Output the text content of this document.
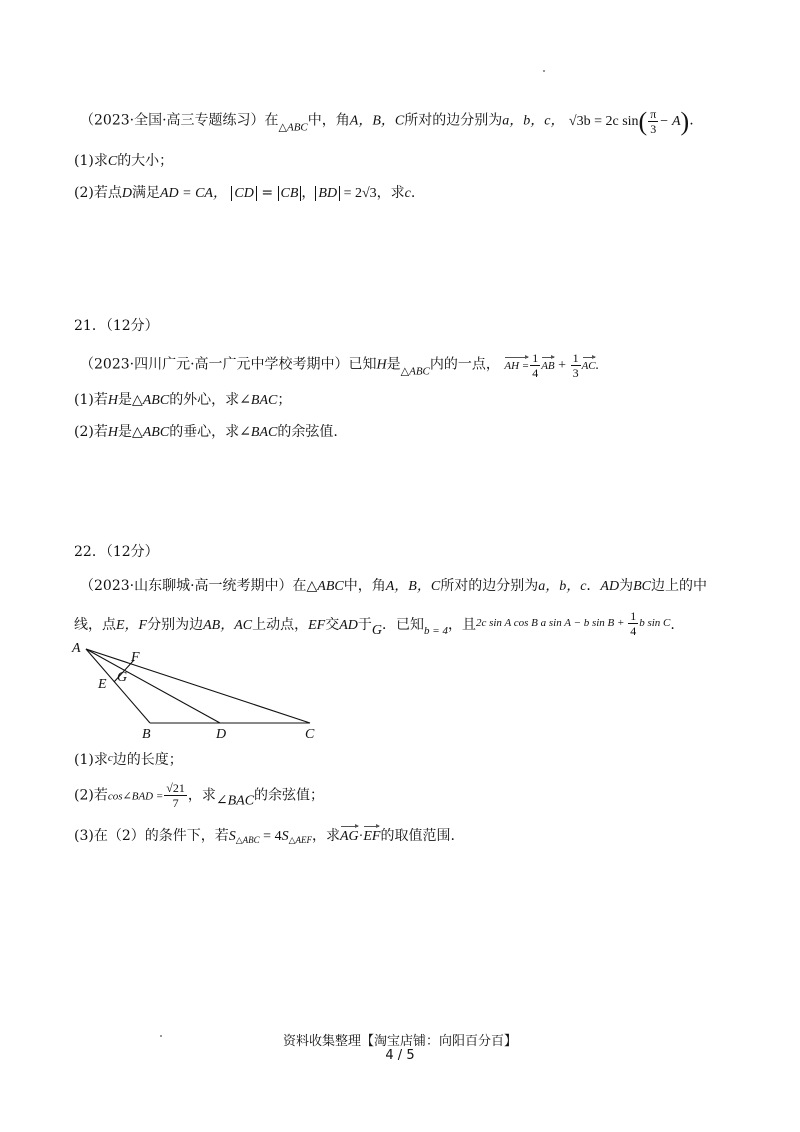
（2023·全国·高三专题练习）在$_{\triangle ABC}$中，角A，B，C所对的边分别为a，b，c， √3b = 2c $\sin( \frac{\pi}{3} - A)$.
(1)求C的大小；
(2)若点D满足AD = CA， CD = CB ， BD = 2√3，求c.
21．（12分）
（2023·四川广元·高一广元中学校考期中）已知H是$_{\triangle ABC}$内的一点， AH = $\frac{1}{4}$ AB + $\frac{1}{3}$ AC.
(1)若H是△ABC的外心，求∠BAC；
(2)若H是△ABC的垂心，求∠BAC的余弦值.
22．（12分）
（2023·山东聊城·高一统考期中）在△ABC中，角A，B，C所对的边分别为a，b，c．AD为BC边上的中
线，点E，F分别为边AB，AC上动点，EF交AD于G．已知$_{b = 4}$，且$^{2c sin A cos B a sin A - b sin B + \frac{1}{4} b sin C}$.
A
F
G
E
B	D	C
(1)求$^c$边的长度；
(2)若cos∠BAD = $\frac{√21}{7}$ ，求∠BAC的余弦值；
(3)在（2）的条件下，若$S_{\triangle ABC} = 4S_{\triangle AEF}$，求AG·EF的取值范围.
资料收集整理【淘宝店铺：向阳百分百】
4 / 5
